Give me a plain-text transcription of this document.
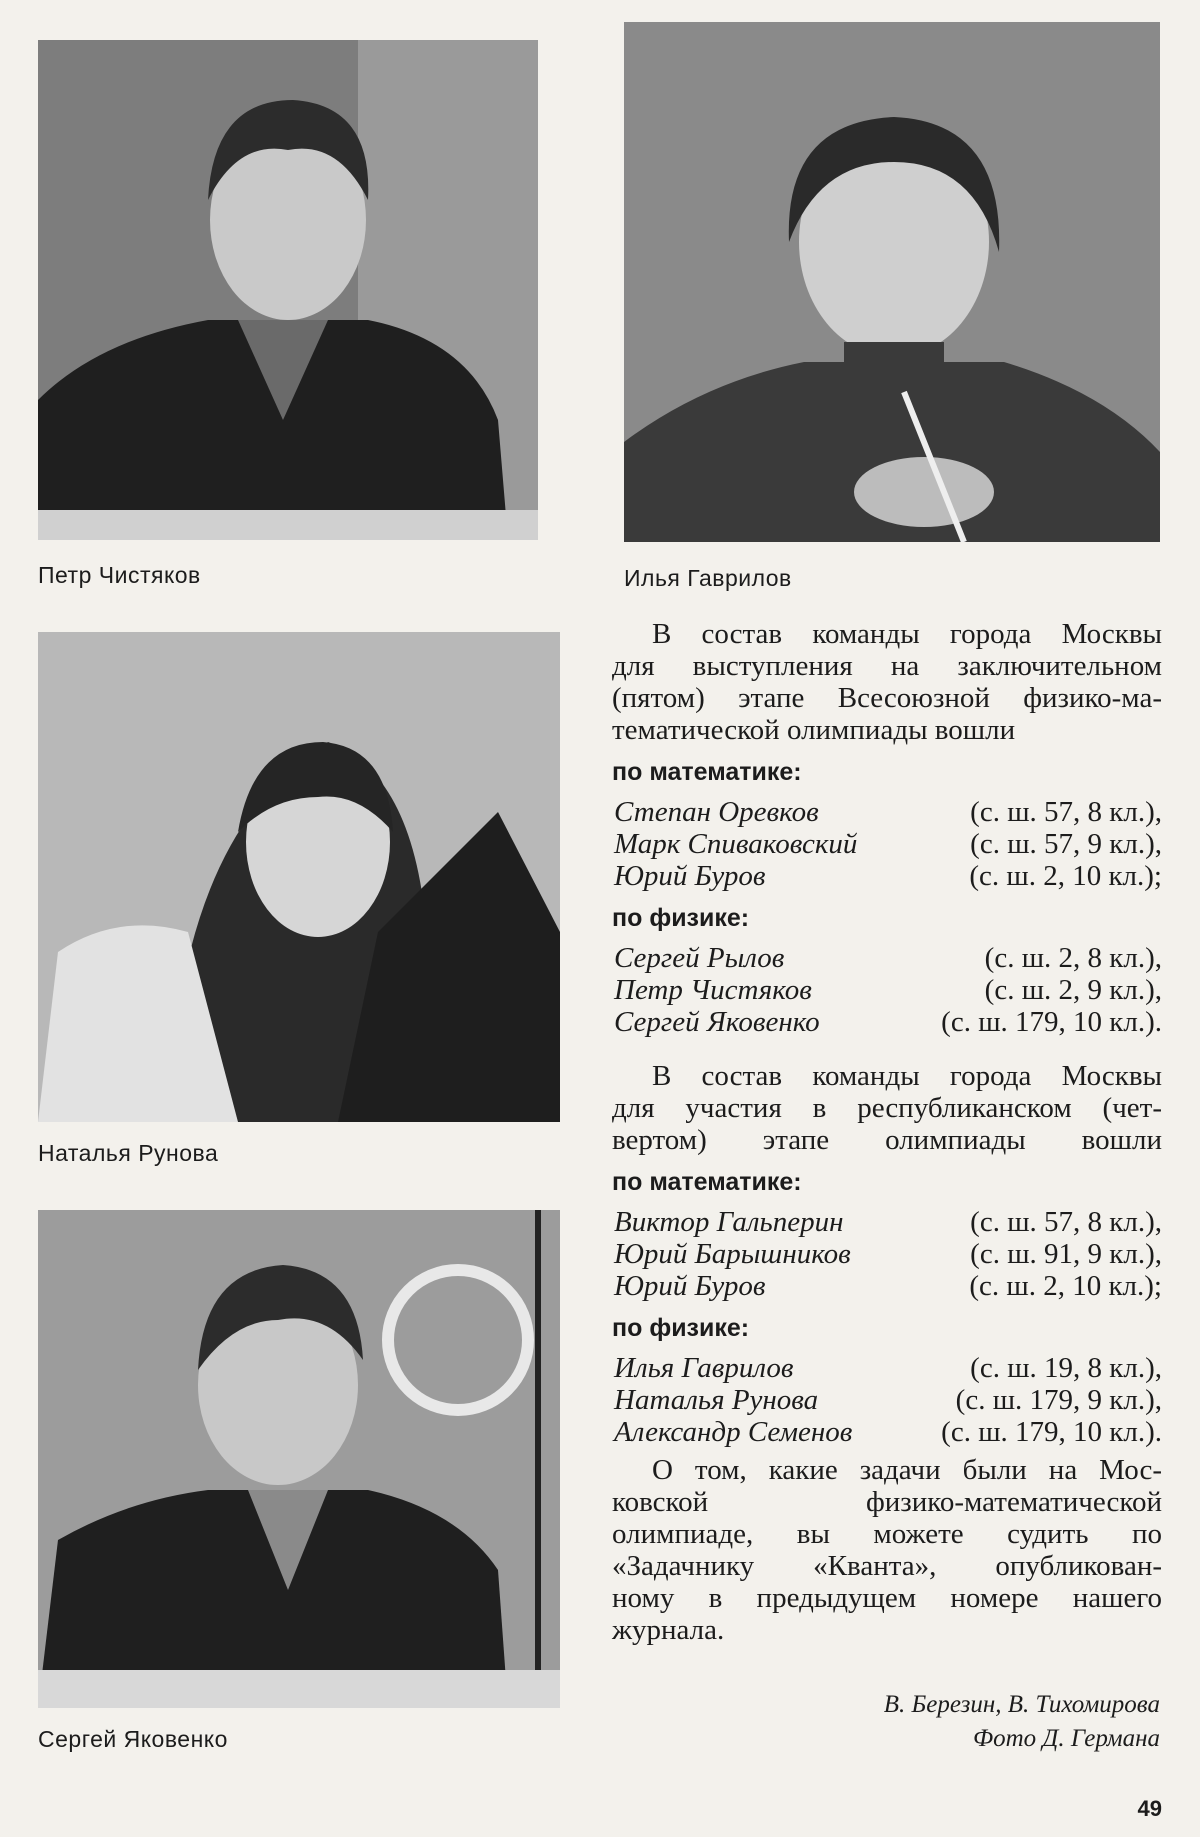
Петр Чистяков	Илья Гаврилов
Наталья Рунова
Сергей Яковенко

В состав команды города Москвы
для выступления на заключительном
(пятом) этапе Всесоюзной физико-ма-
тематической олимпиады вошли

по математике:
Степан Оревков	(с. ш. 57, 8 кл.),
Марк Спиваковский	(с. ш. 57, 9 кл.),
Юрий Буров	(с. ш. 2, 10 кл.);
по физике:
Сергей Рылов	(с. ш. 2, 8 кл.),
Петр Чистяков	(с. ш. 2, 9 кл.),
Сергей Яковенко	(с. ш. 179, 10 кл.).

В состав команды города Москвы
для участия в республиканском (чет-
вертом) этапе олимпиады вошли

по математике:
Виктор Гальперин	(с. ш. 57, 8 кл.),
Юрий Барышников	(с. ш. 91, 9 кл.),
Юрий Буров	(с. ш. 2, 10 кл.);
по физике:
Илья Гаврилов	(с. ш. 19, 8 кл.),
Наталья Рунова	(с. ш. 179, 9 кл.),
Александр Семенов	(с. ш. 179, 10 кл.).

О том, какие задачи были на Мос-
ковской физико-математической
олимпиаде, вы можете судить по
«Задачнику «Кванта», опубликован-
ному в предыдущем номере нашего
журнала.

В. Березин, В. Тихомирова
Фото Д. Германа
49
